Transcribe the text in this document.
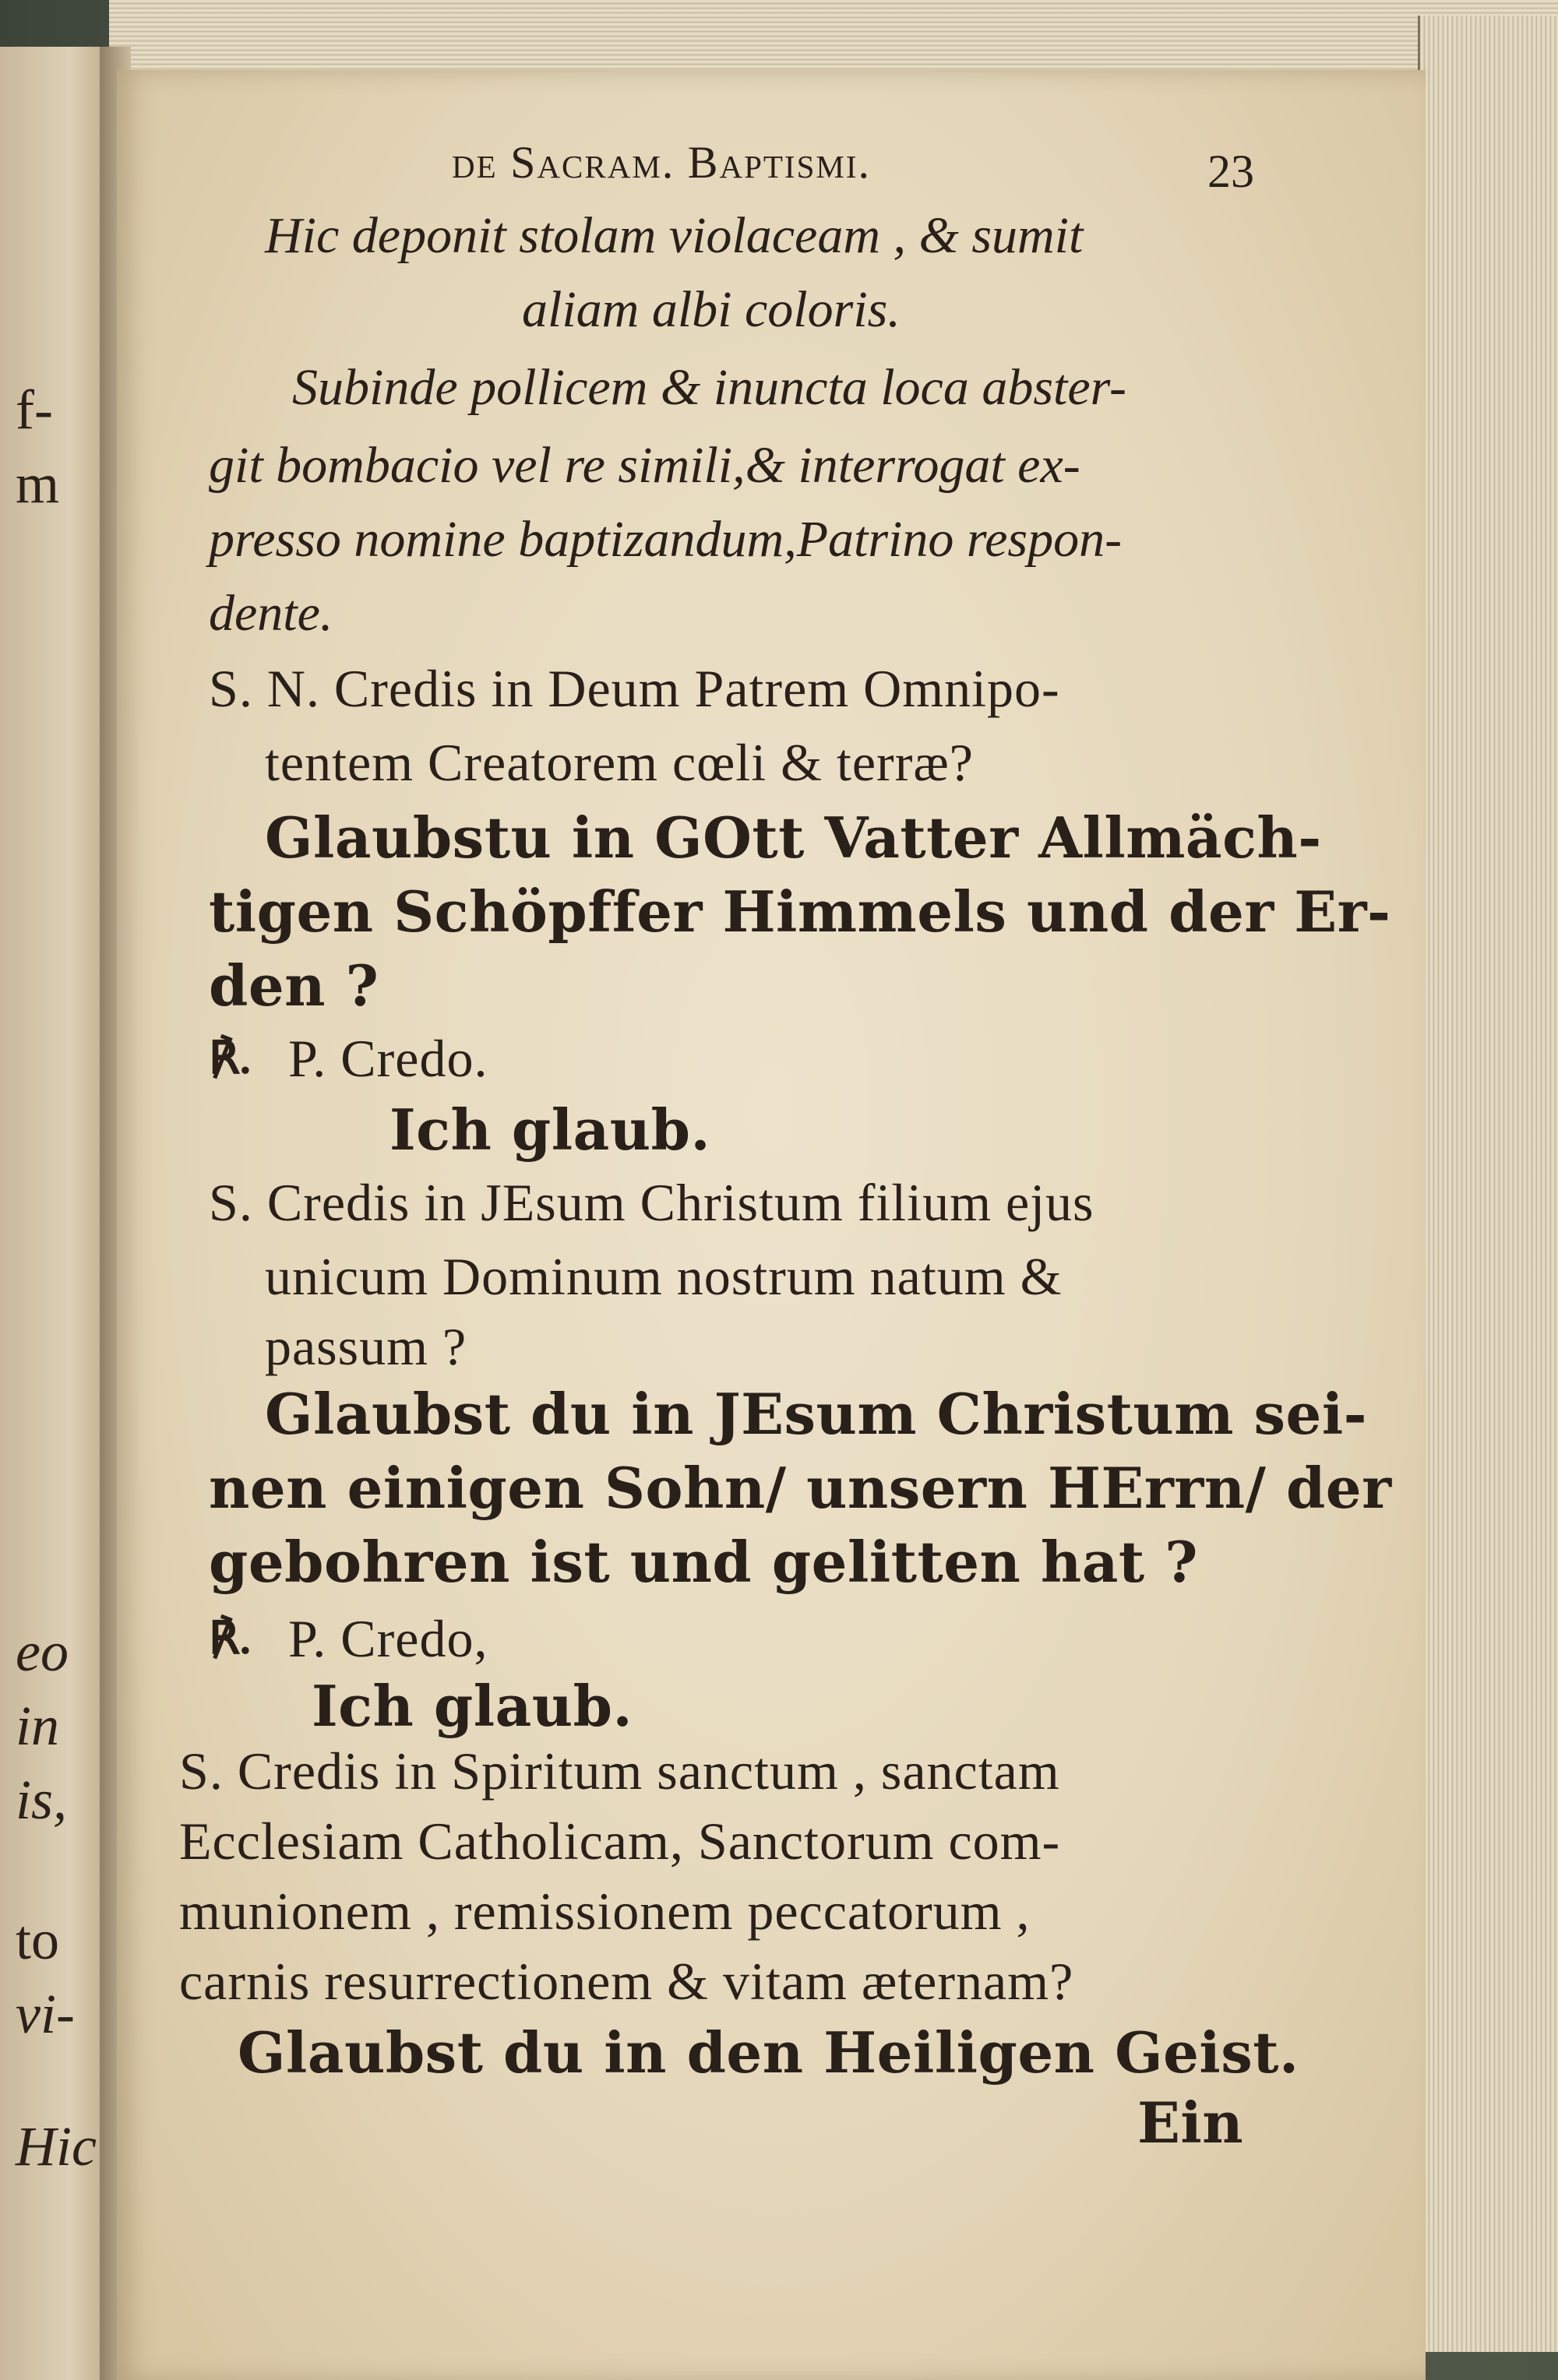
f-
m
eo
in
is,
to
vi-
Hic
de Sacram. Baptismi.	23
Hic deponit stolam violaceam , & sumit
aliam albi coloris.
Subinde pollicem & inuncta loca abster-
git bombacio vel re simili,& interrogat ex-
presso nomine baptizandum,Patrino respon-
dente.
S. N. Credis in Deum Patrem Omnipo-
tentem Creatorem cœli & terræ?
Glaubstu in GOtt Vatter Allmäch-
tigen Schöpffer Himmels und der Er-
den ?
℟. P. Credo.
Ich glaub.
S. Credis in JEsum Christum filium ejus
unicum Dominum nostrum natum &
passum ?
Glaubst du in JEsum Christum sei-
nen einigen Sohn/ unsern HErrn/ der
gebohren ist und gelitten hat ?
℟. P. Credo,
Ich glaub.
S. Credis in Spiritum sanctum , sanctam
Ecclesiam Catholicam, Sanctorum com-
munionem , remissionem peccatorum ,
carnis resurrectionem & vitam æternam?
Glaubst du in den Heiligen Geist.
Ein
